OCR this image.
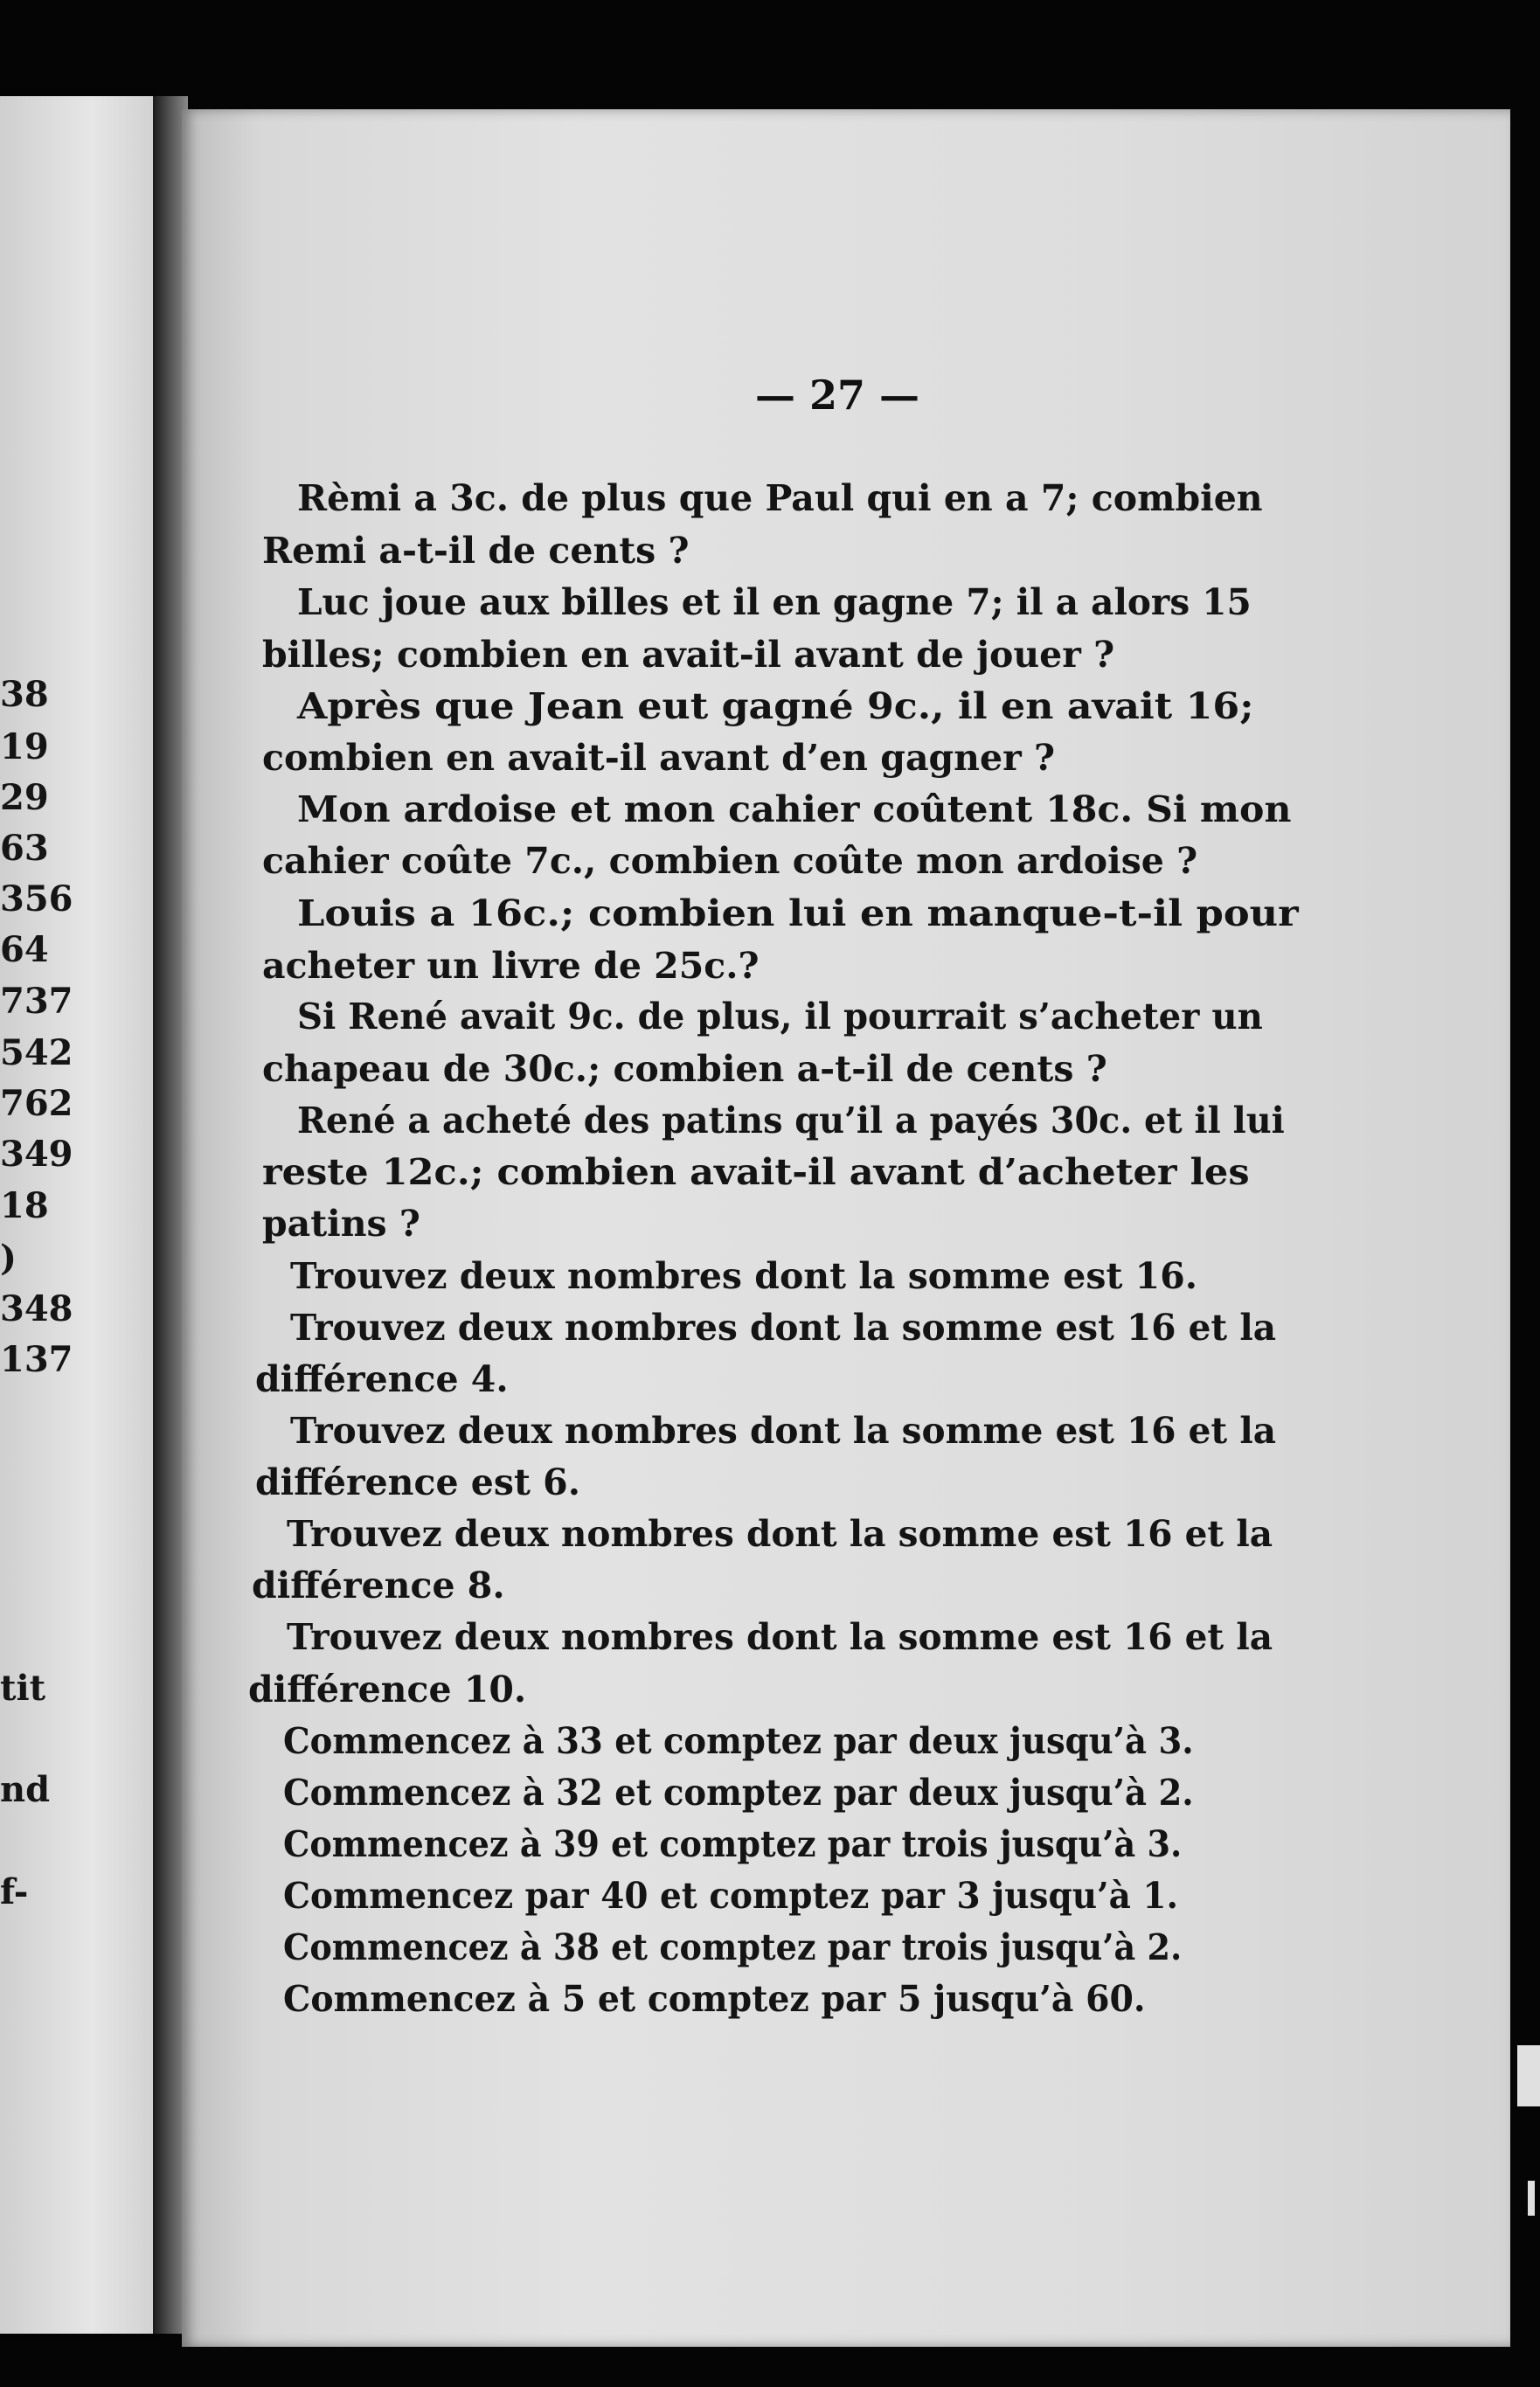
38

19

29

63

356

64

737

542

762

349

18

)

348

137

tit

nd

f-

— 27 —

Rèmi a 3c. de plus que Paul qui en a 7; combien

Remi a-t-il de cents ?

Luc joue aux billes et il en gagne 7; il a alors 15

billes; combien en avait-il avant de jouer ?

Après que Jean eut gagné 9c., il en avait 16;

combien en avait-il avant d’en gagner ?

Mon ardoise et mon cahier coûtent 18c. Si mon

cahier coûte 7c., combien coûte mon ardoise ?

Louis a 16c.; combien lui en manque-t-il pour

acheter un livre de 25c.?

Si René avait 9c. de plus, il pourrait s’acheter un

chapeau de 30c.; combien a-t-il de cents ?

René a acheté des patins qu’il a payés 30c. et il lui

reste 12c.; combien avait-il avant d’acheter les

patins ?

Trouvez deux nombres dont la somme est 16.

Trouvez deux nombres dont la somme est 16 et la

différence 4.

Trouvez deux nombres dont la somme est 16 et la

différence est 6.

Trouvez deux nombres dont la somme est 16 et la

différence 8.

Trouvez deux nombres dont la somme est 16 et la

différence 10.

Commencez à 33 et comptez par deux jusqu’à 3.

Commencez à 32 et comptez par deux jusqu’à 2.

Commencez à 39 et comptez par trois jusqu’à 3.

Commencez par 40 et comptez par 3 jusqu’à 1.

Commencez à 38 et comptez par trois jusqu’à 2.

Commencez à 5 et comptez par 5 jusqu’à 60.
